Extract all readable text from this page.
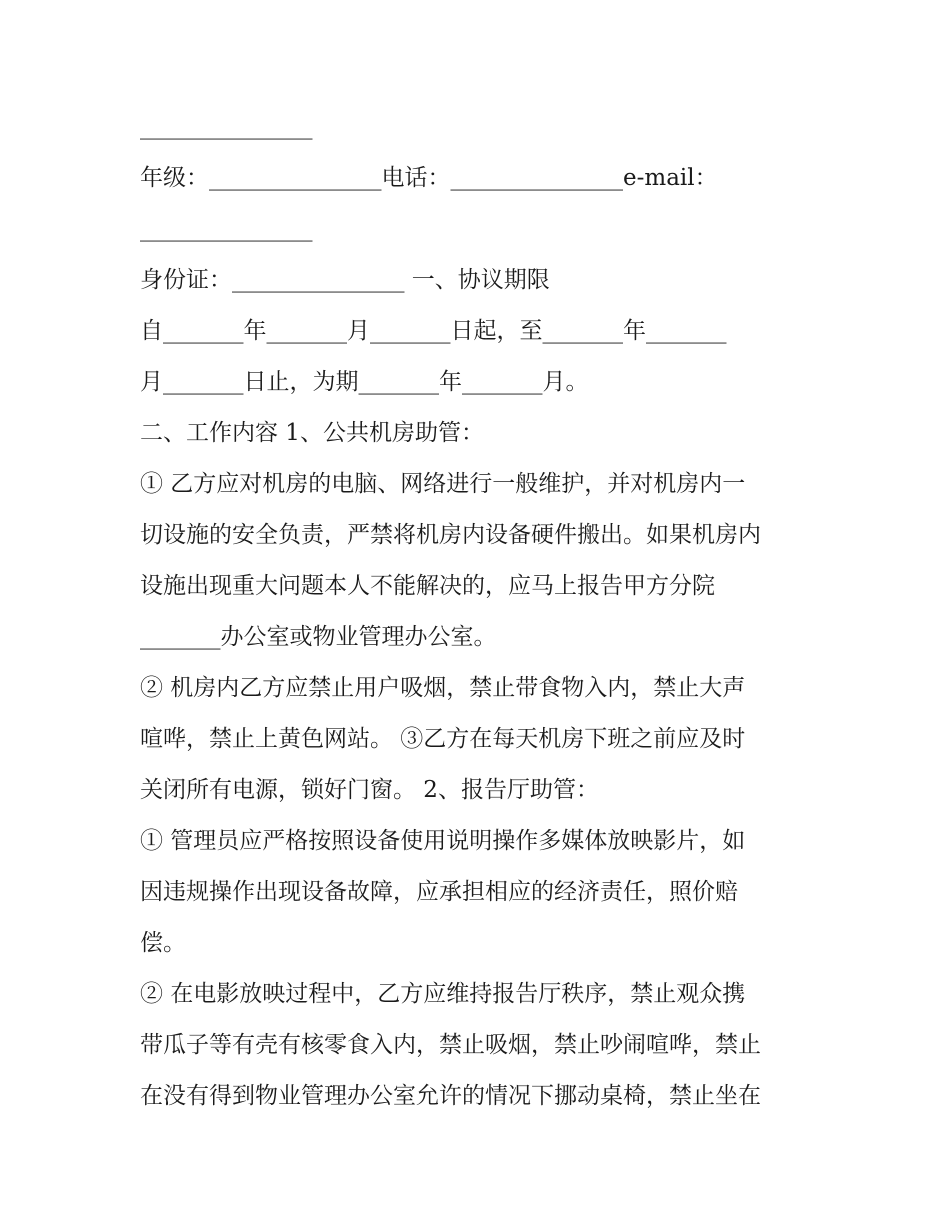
_______________
年级：_______________电话：_______________e-mail：
_______________
身份证：_______________ 一、协议期限
自_______年_______月_______日起，至_______年_______
月_______日止，为期_______年_______月。
二、工作内容 1、公共机房助管：
① 乙方应对机房的电脑、网络进行一般维护，并对机房内一
切设施的安全负责，严禁将机房内设备硬件搬出。如果机房内
设施出现重大问题本人不能解决的，应马上报告甲方分院
_______办公室或物业管理办公室。
② 机房内乙方应禁止用户吸烟，禁止带食物入内，禁止大声
喧哗，禁止上黄色网站。 ③乙方在每天机房下班之前应及时
关闭所有电源，锁好门窗。 2、报告厅助管：
① 管理员应严格按照设备使用说明操作多媒体放映影片，如
因违规操作出现设备故障，应承担相应的经济责任，照价赔
偿。
② 在电影放映过程中，乙方应维持报告厅秩序，禁止观众携
带瓜子等有壳有核零食入内，禁止吸烟，禁止吵闹喧哗，禁止
在没有得到物业管理办公室允许的情况下挪动桌椅，禁止坐在
